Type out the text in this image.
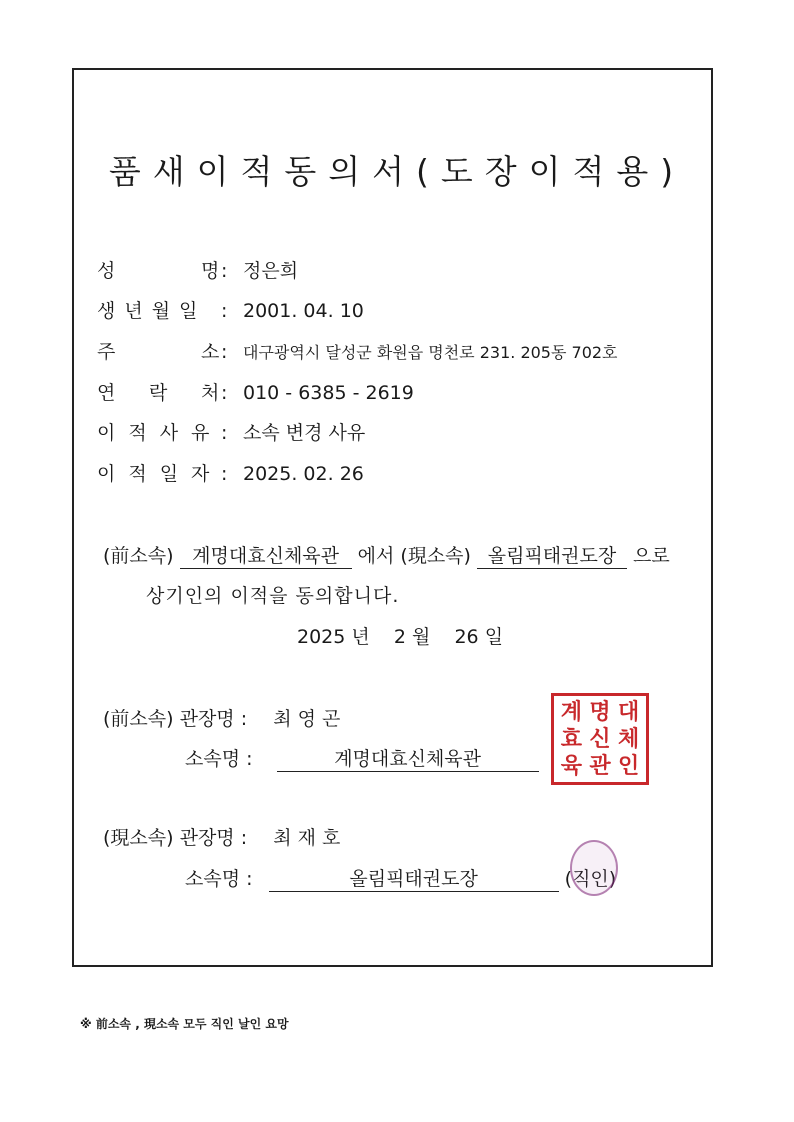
품새이적동의서(도장이적용)
성	명: 정은희
생년월일 : 2001. 04. 10
주	소: 대구광역시 달성군 화원읍 명천로 231. 205동 702호
연 락 처: 010 - 6385 - 2619
이적사유: 소속 변경 사유
이적일자: 2025. 02. 26
(前소속) 계명대효신체육관 에서 (現소속) 올림픽태권도장 으로
상기인의 이적을 동의합니다.
2025 년 2 월 26 일
(前소속) 관장명 : 최 영 곤
소속명 :	계명대효신체육관
계 명 대
효 신 체
육 관 인
(現소속) 관장명 : 최 재 호
소속명 :	올림픽태권도장	(직인)
※ 前소속 , 現소속 모두 직인 날인 요망
